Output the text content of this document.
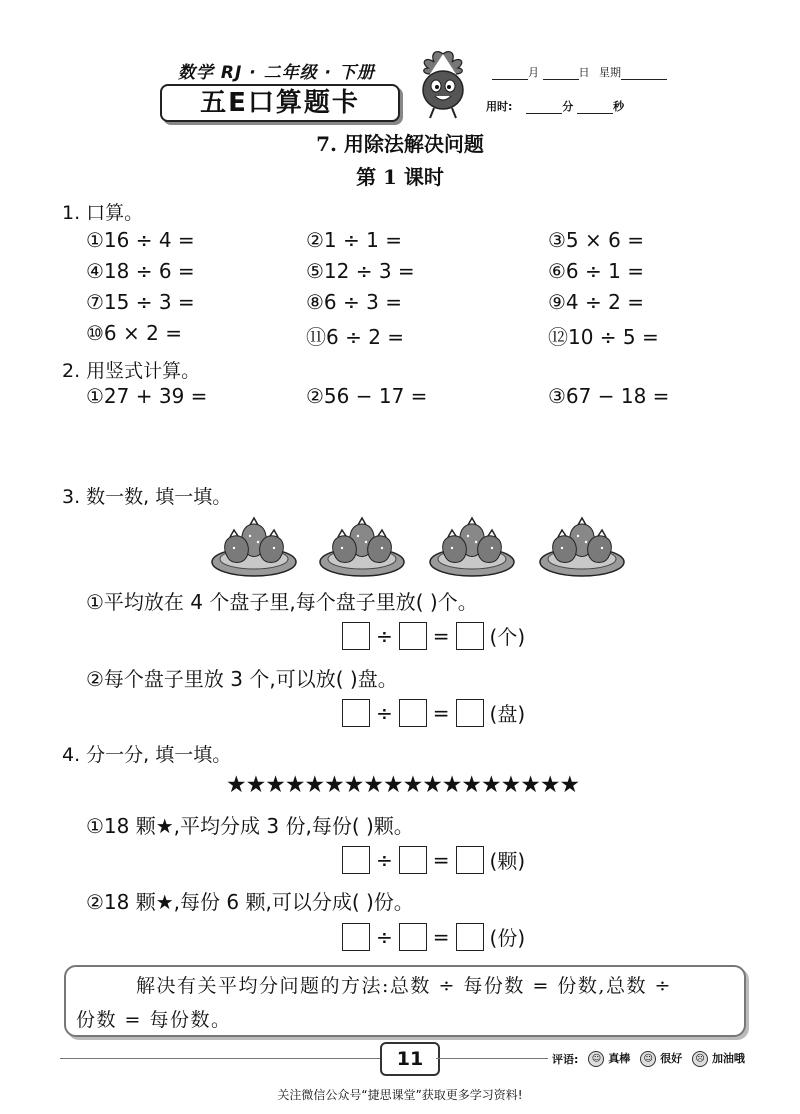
数学 RJ · 二年级 · 下册
五E口算题卡
月	日 星期
用时:	分	秒
7. 用除法解决问题
第 1 课时
1. 口算。
①16 ÷ 4 =	②1 ÷ 1 =	③5 × 6 =
④18 ÷ 6 =	⑤12 ÷ 3 =	⑥6 ÷ 1 =
⑦15 ÷ 3 =	⑧6 ÷ 3 =	⑨4 ÷ 2 =
⑩6 × 2 =	⑪6 ÷ 2 =	⑫10 ÷ 5 =
2. 用竖式计算。
①27 + 39 =	②56 − 17 =	③67 − 18 =
3. 数一数, 填一填。
①平均放在 4 个盘子里,每个盘子里放( )个。
÷ = (个)
②每个盘子里放 3 个,可以放( )盘。
÷ = (盘)
4. 分一分, 填一填。
★★★★★★★★★★★★★★★★★★
①18 颗★,平均分成 3 份,每份( )颗。
÷ = (颗)
②18 颗★,每份 6 颗,可以分成( )份。
÷ = (份)
解决有关平均分问题的方法:总数 ÷ 每份数 = 份数,总数 ÷
份数 = 每份数。
11	评语:	☺ 真棒	☺ 很好	☹ 加油哦
关注微信公众号“捷思课堂”获取更多学习资料!
